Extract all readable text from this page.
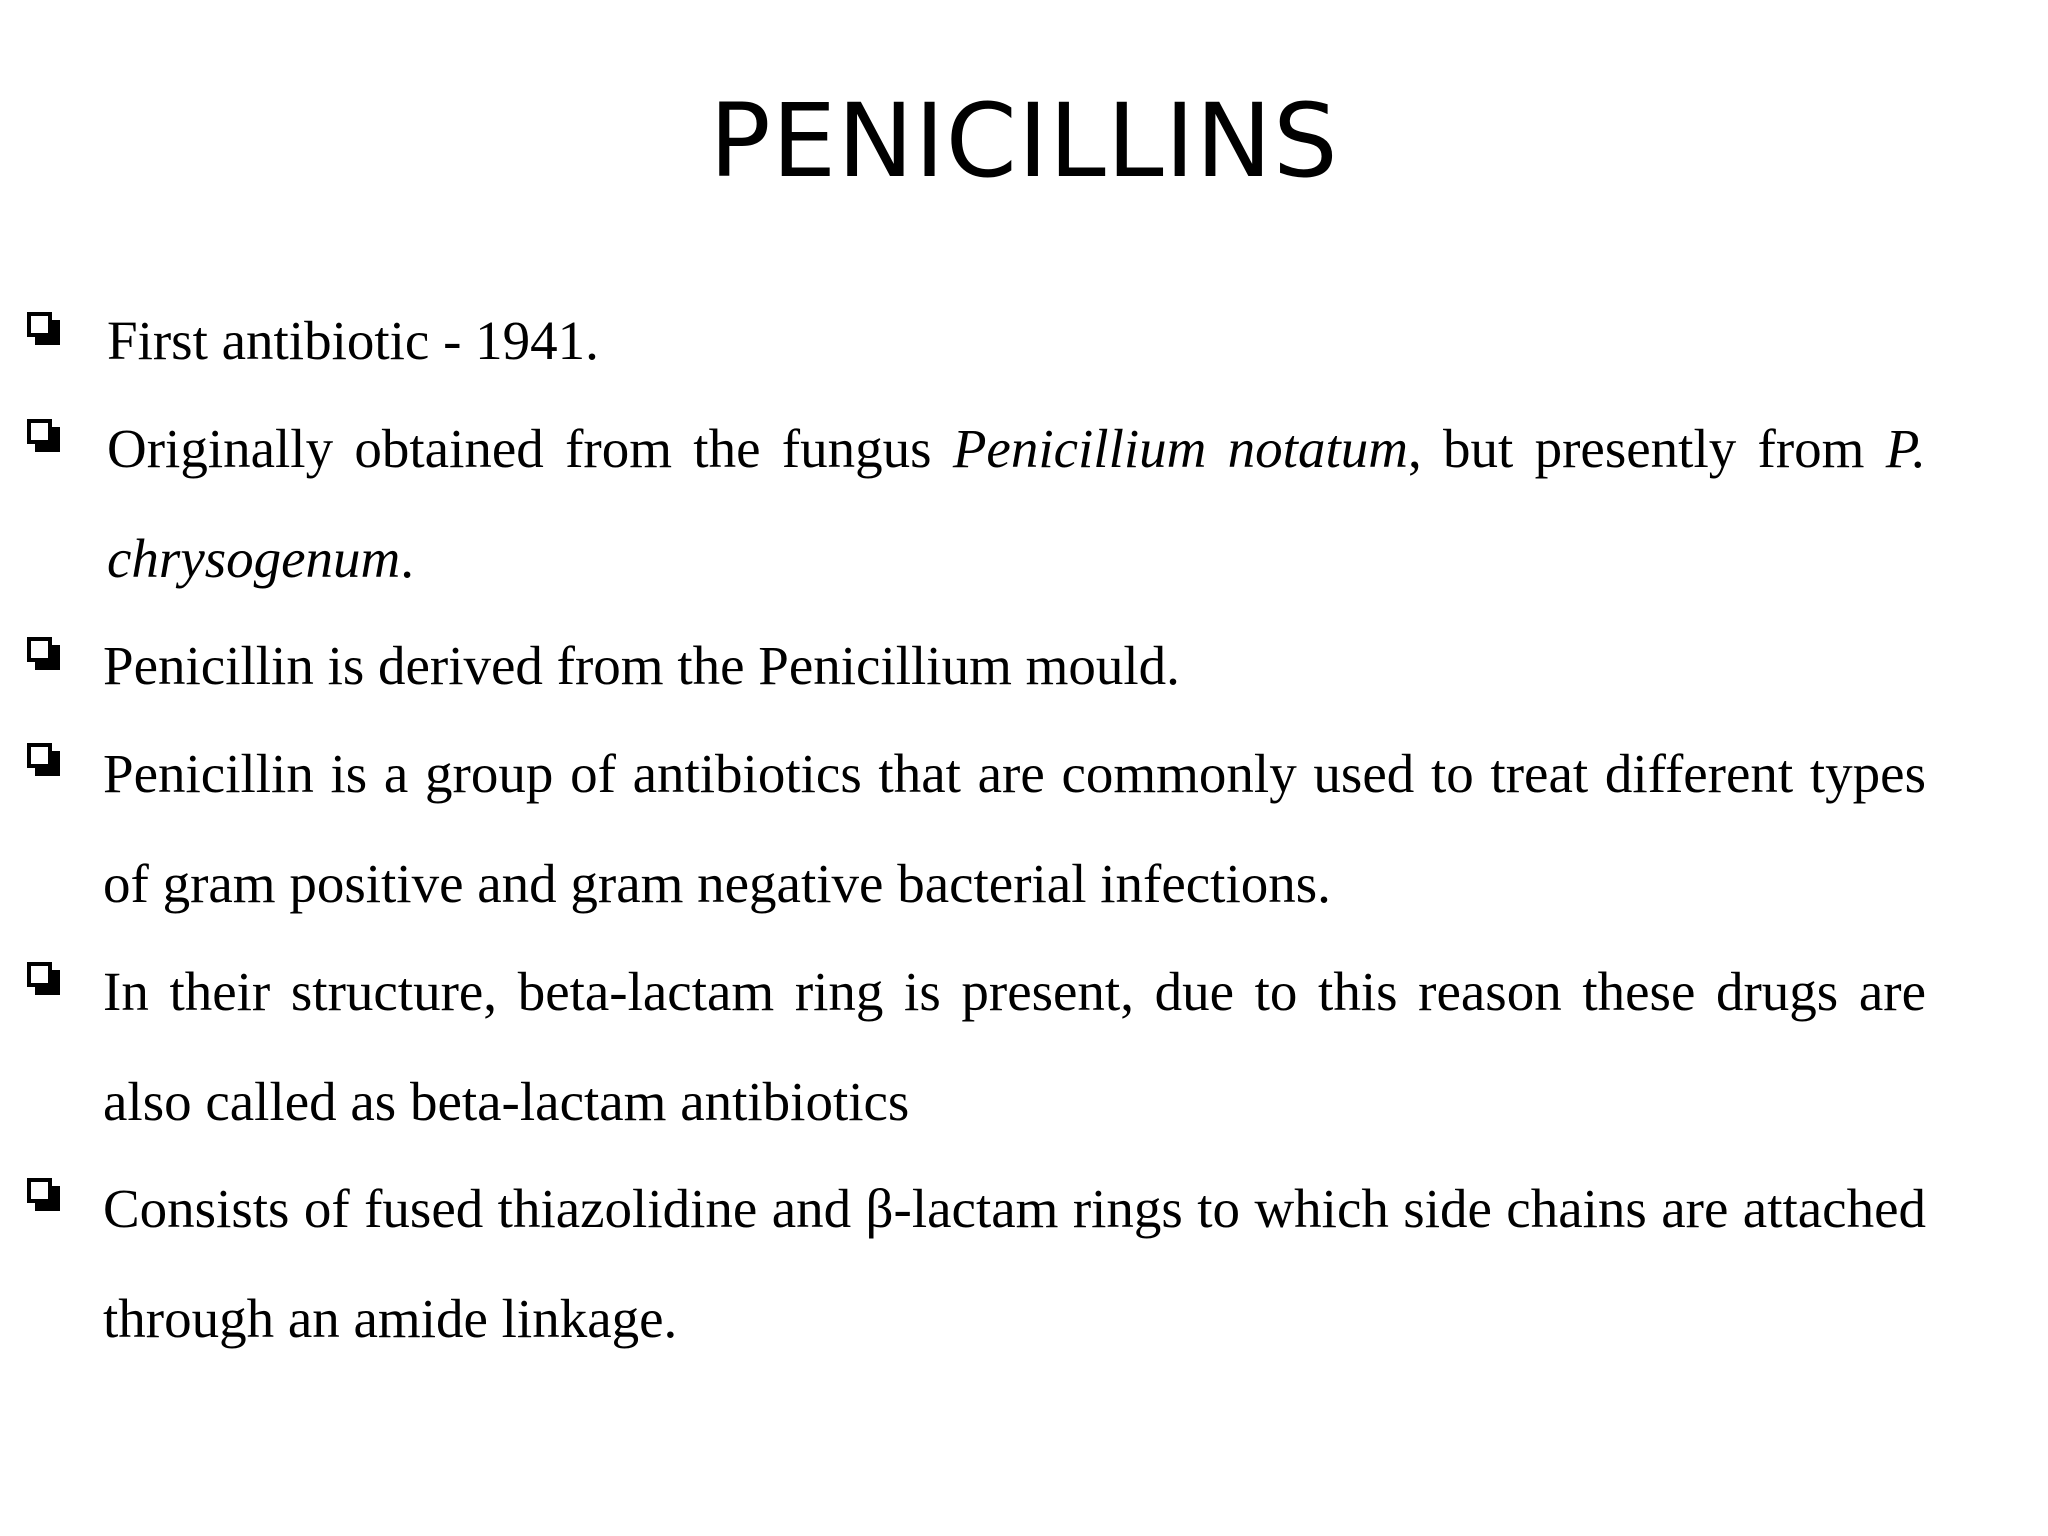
PENICILLINS
First antibiotic - 1941.
Originally obtained from the fungus Penicillium notatum, but presently from P. chrysogenum.
Penicillin is derived from the Penicillium mould.
Penicillin is a group of antibiotics that are commonly used to treat different types of gram positive and gram negative bacterial infections.
In their structure, beta-lactam ring is present, due to this reason these drugs are also called as beta-lactam antibiotics
Consists of fused thiazolidine and β-lactam rings to which side chains are attached through an amide linkage.
